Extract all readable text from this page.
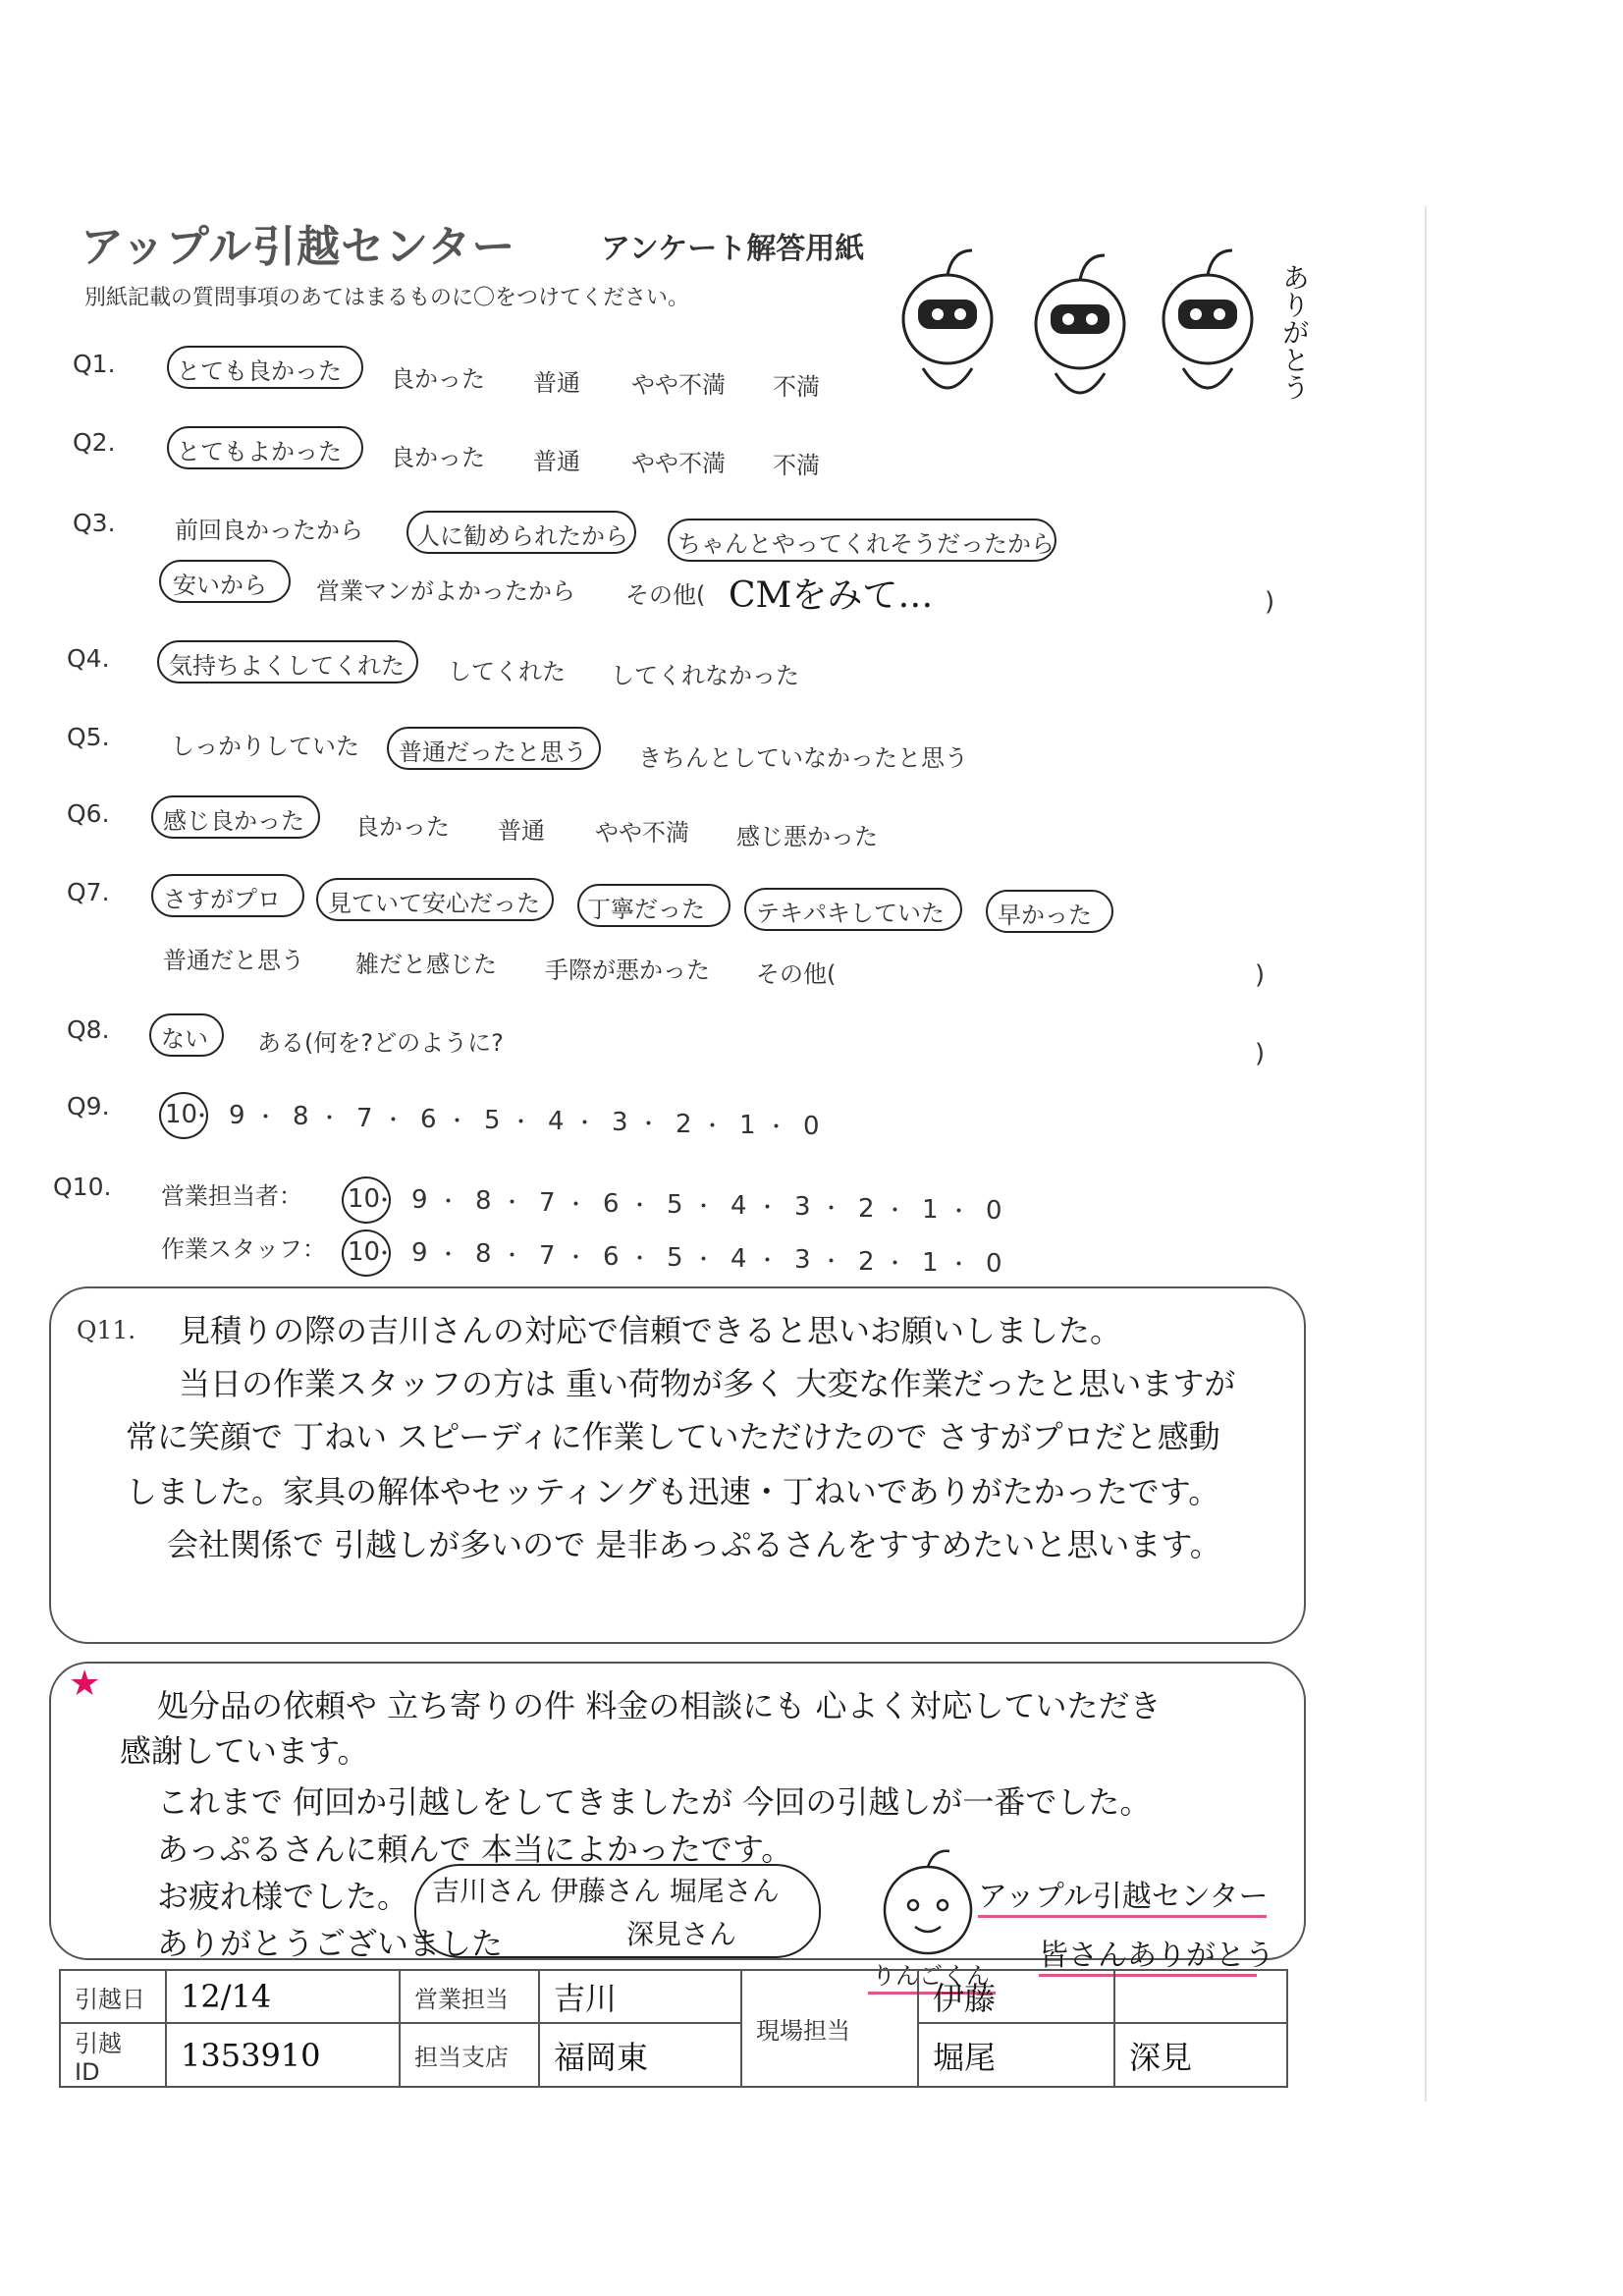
アップル引越センター	アンケート解答用紙
別紙記載の質問事項のあてはまるものに〇をつけてください。	ありがとう
Q1.	とても良かった 良かった 普通 やや不満 不満
Q2.	とてもよかった 良かった 普通 やや不満 不満
Q3.	前回良かったから 人に勧められたから ちゃんとやってくれそうだったから
安いから 営業マンがよかったから その他( CMをみて…	)
Q4.	気持ちよくしてくれた してくれた してくれなかった
Q5.	しっかりしていた 普通だったと思う きちんとしていなかったと思う
Q6. 感じ良かった 良かった 普通 やや不満 感じ悪かった
Q7. さすがプロ 見ていて安心だった 丁寧だった テキパキしていた 早かった
普通だと思う 雑だと感じた 手際が悪かった その他(	)
Q8. ない ある(何を?どのように?	)
Q9. 10
・ 9 ・ 8 ・ 7 ・ 6 ・ 5 ・ 4 ・ 3 ・ 2 ・ 1 ・ 0
Q10. 営業担当者： 10
・ 9 ・ 8 ・ 7 ・ 6 ・ 5 ・ 4 ・ 3 ・ 2 ・ 1 ・ 0
作業スタッフ： 10
・ 9 ・ 8 ・ 7 ・ 6 ・ 5 ・ 4 ・ 3 ・ 2 ・ 1 ・ 0
Q11. 見積りの際の吉川さんの対応で信頼できると思いお願いしました。
当日の作業スタッフの方は 重い荷物が多く 大変な作業だったと思いますが
常に笑顔で 丁ねい スピーディに作業していただけたので さすがプロだと感動
しました。家具の解体やセッティングも迅速・丁ねいでありがたかったです。
会社関係で 引越しが多いので 是非あっぷるさんをすすめたいと思います。
★
処分品の依頼や 立ち寄りの件 料金の相談にも 心よく対応していただき
感謝しています。
これまで 何回か引越しをしてきましたが 今回の引越しが一番でした。
あっぷるさんに頼んで 本当によかったです。
お疲れ様でした。
ありがとうございました
吉川さん 伊藤さん 堀尾さん
深見さん
りんごくん
アップル引越センター
皆さんありがとう
引越日	12/14	営業担当	吉川	現場担当	伊藤	
引越 ID	1353910	担当支店	福岡東		堀尾	深見
